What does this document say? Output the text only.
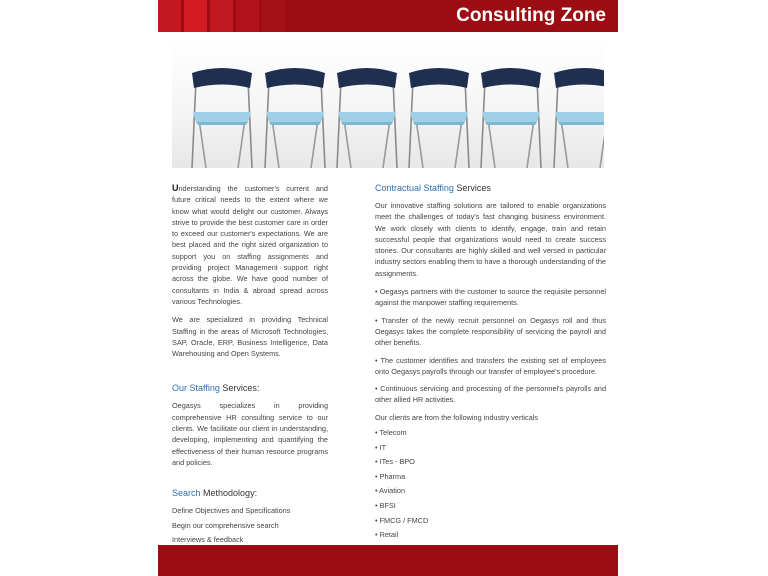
Consulting Zone

Understanding the customer's current and future critical needs to the extent where we know what would delight our customer. Always strive to provide the best customer care in order to exceed our customer's expectations. We are best placed and the right sized organization to support you on staffing assignments and providing project Management support right across the globe. We have good number of consultants in India & abroad spread across various Technologies.

We are specialized in providing Technical Staffing in the areas of Microsoft Technologies, SAP, Oracle, ERP, Business Intelligence, Data Warehousing and Open Systems.

Our Staffing Services:

Oegasys specializes in providing comprehensive HR consulting service to our clients. We facilitate our client in understanding, developing, implementing and quantifying the effectiveness of their human resource programs and policies.

Search Methodology:
Define Objectives and Specifications
Begin our comprehensive search
Interviews & feedback
Contractual Staffing Services

Our innovative staffing solutions are tailored to enable organizations meet the challenges of today's fast changing business environment. We work closely with clients to identify, engage, train and retain successful people that organizations would need to create success stories. Our consultants are highly skilled and well versed in particular industry sectors enabling them to have a thorough understanding of the assignments.

• Oegasys partners with the customer to source the requisite personnel against the manpower staffing requirements.

• Transfer of the newly recruit personnel on Oegasys roll and thus Oegasys takes the complete responsibility of servicing the payroll and other benefits.

• The customer identifies and transfers the existing set of employees onto Oegasys payrolls through our transfer of employee's procedure.

• Continuous servicing and processing of the personnel's payrolls and other allied HR activities.

Our clients are from the following industry verticals
• Telecom
• IT
• ITes - BPO
• Pharma
• Aviation
• BFSI
• FMCG / FMCD
• Retail
